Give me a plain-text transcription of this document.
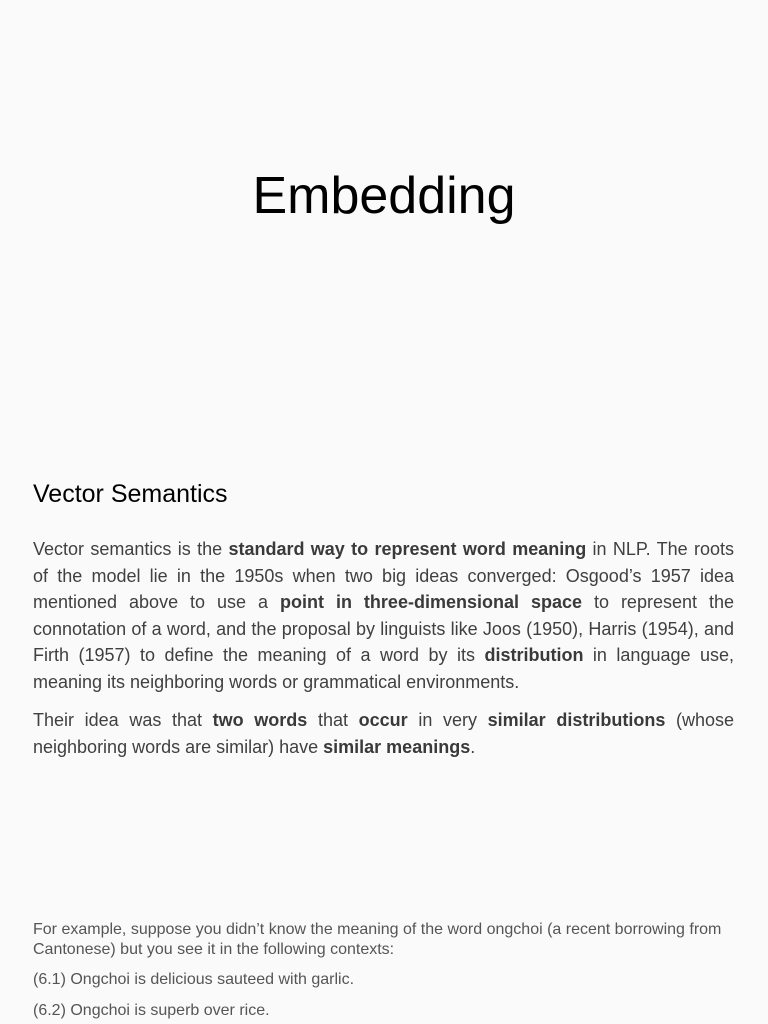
Embedding
Vector Semantics

Vector semantics is the standard way to represent word meaning in NLP. The roots of the model lie in the 1950s when two big ideas converged: Osgood’s 1957 idea mentioned above to use a point in three-dimensional space to represent the connotation of a word, and the proposal by linguists like Joos (1950), Harris (1954), and Firth (1957) to define the meaning of a word by its distribution in language use, meaning its neighboring words or grammatical environments.

Their idea was that two words that occur in very similar distributions (whose neighboring words are similar) have similar meanings.

For example, suppose you didn’t know the meaning of the word ongchoi (a recent borrowing from Cantonese) but you see it in the following contexts:

(6.1) Ongchoi is delicious sauteed with garlic.

(6.2) Ongchoi is superb over rice.
